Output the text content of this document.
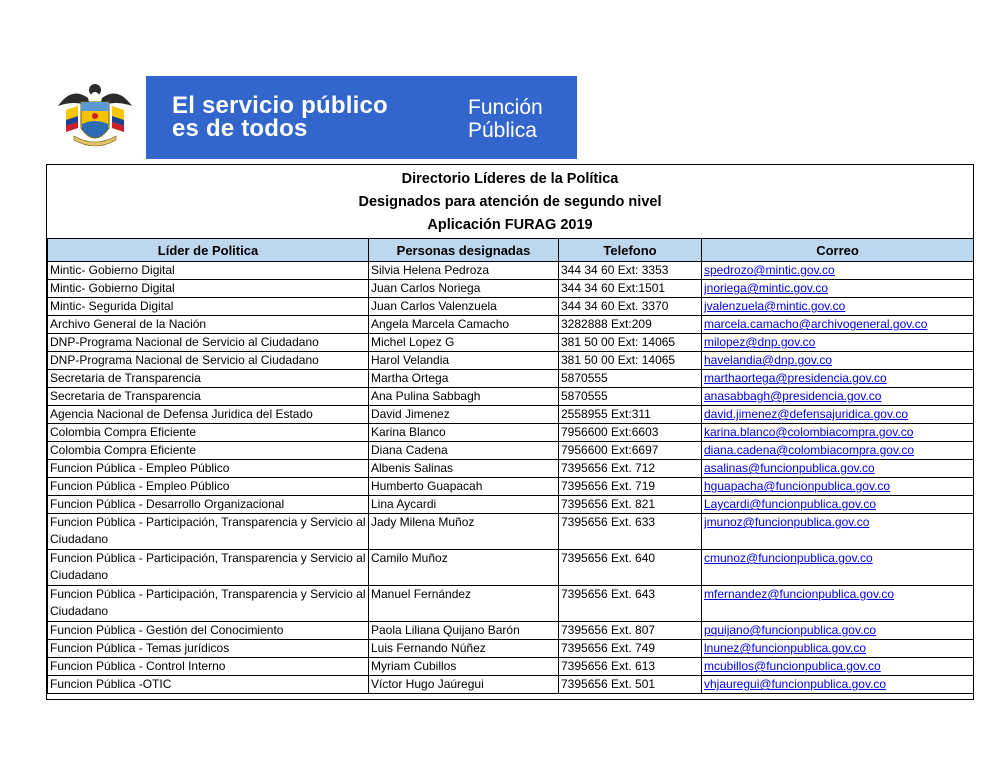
El servicio público
es de todos
Función
Pública
Directorio Líderes de la Política
Designados para atención de segundo nivel
Aplicación FURAG 2019
Líder de Politica	Personas designadas	Telefono	Correo
Mintic- Gobierno Digital	Silvia Helena Pedroza	344 34 60 Ext: 3353	spedrozo@mintic.gov.co
Mintic- Gobierno Digital	Juan Carlos Noriega	344 34 60 Ext:1501	jnoriega@mintic.gov.co
Mintic- Segurida Digital	Juan Carlos Valenzuela	344 34 60 Ext. 3370	jvalenzuela@mintic.gov.co
Archivo General de la Nación	Angela Marcela Camacho	3282888 Ext:209	marcela.camacho@archivogeneral.gov.co
DNP-Programa Nacional de Servicio al Ciudadano	Michel Lopez G	381 50 00 Ext: 14065	milopez@dnp.gov.co
DNP-Programa Nacional de Servicio al Ciudadano	Harol Velandia	381 50 00 Ext: 14065	havelandia@dnp.gov.co
Secretaria de Transparencia	Martha Ortega	5870555	marthaortega@presidencia.gov.co
Secretaria de Transparencia	Ana Pulina Sabbagh	5870555	anasabbagh@presidencia.gov.co
Agencia Nacional de Defensa Juridica del Estado	David Jimenez	2558955 Ext:311	david.jimenez@defensajuridica.gov.co
Colombia Compra Eficiente	Karina Blanco	7956600 Ext:6603	karina.blanco@colombiacompra.gov.co
Colombia Compra Eficiente	Diana Cadena	7956600 Ext:6697	diana.cadena@colombiacompra.gov.co
Funcion Pública - Empleo Público	Albenis Salinas	7395656 Ext. 712	asalinas@funcionpublica.gov.co
Funcion Pública - Empleo Público	Humberto Guapacah	7395656 Ext. 719	hguapacha@funcionpublica.gov.co
Funcion Pública - Desarrollo Organizacional	Lina Aycardi	7395656 Ext. 821	Laycardi@funcionpublica.gov.co
Funcion Pública - Participación, Transparencia y Servicio al Ciudadano	Jady Milena Muñoz	7395656 Ext. 633	jmunoz@funcionpublica.gov.co
Funcion Pública - Participación, Transparencia y Servicio al Ciudadano	Camilo Muñoz	7395656 Ext. 640	cmunoz@funcionpublica.gov.co
Funcion Pública - Participación, Transparencia y Servicio al Ciudadano	Manuel Fernández	7395656 Ext. 643	mfernandez@funcionpublica.gov.co
Funcion Pública - Gestión del Conocimiento	Paola Liliana Quijano Barón	7395656 Ext. 807	pquijano@funcionpublica.gov.co
Funcion Pública - Temas jurídicos	Luis Fernando Núñez	7395656 Ext. 749	lnunez@funcionpublica.gov.co
Funcion Pública - Control Interno	Myriam Cubillos	7395656 Ext. 613	mcubillos@funcionpublica.gov.co
Funcion Pública -OTIC	Víctor Hugo Jaúregui	7395656 Ext. 501	vhjauregui@funcionpublica.gov.co
